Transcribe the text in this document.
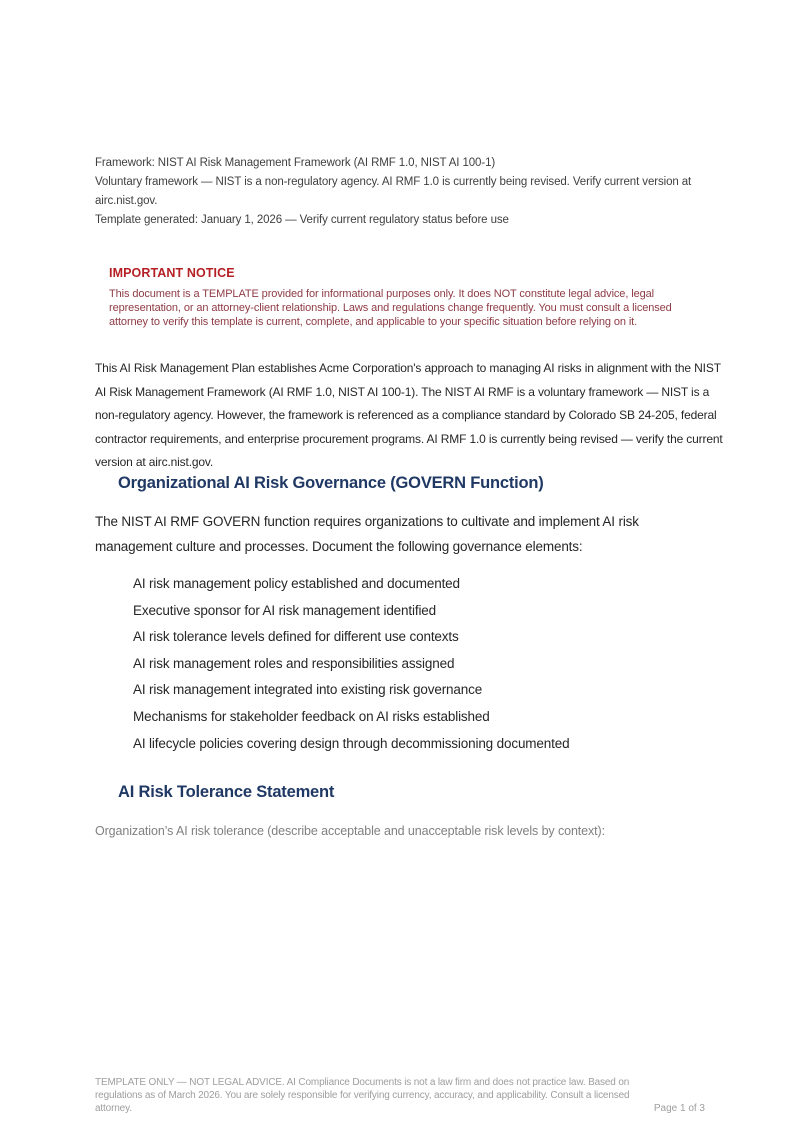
Framework: NIST AI Risk Management Framework (AI RMF 1.0, NIST AI 100-1)
Voluntary framework — NIST is a non-regulatory agency. AI RMF 1.0 is currently being revised. Verify current version at airc.nist.gov.
Template generated: January 1, 2026 — Verify current regulatory status before use
IMPORTANT NOTICE
This document is a TEMPLATE provided for informational purposes only. It does NOT constitute legal advice, legal representation, or an attorney-client relationship. Laws and regulations change frequently. You must consult a licensed attorney to verify this template is current, complete, and applicable to your specific situation before relying on it.

This AI Risk Management Plan establishes Acme Corporation's approach to managing AI risks in alignment with the NIST AI Risk Management Framework (AI RMF 1.0, NIST AI 100-1). The NIST AI RMF is a voluntary framework — NIST is a non-regulatory agency. However, the framework is referenced as a compliance standard by Colorado SB 24-205, federal contractor requirements, and enterprise procurement programs. AI RMF 1.0 is currently being revised — verify the current version at airc.nist.gov.

Organizational AI Risk Governance (GOVERN Function)

The NIST AI RMF GOVERN function requires organizations to cultivate and implement AI risk management culture and processes. Document the following governance elements:

AI risk management policy established and documented
Executive sponsor for AI risk management identified
AI risk tolerance levels defined for different use contexts
AI risk management roles and responsibilities assigned
AI risk management integrated into existing risk governance
Mechanisms for stakeholder feedback on AI risks established
AI lifecycle policies covering design through decommissioning documented
AI Risk Tolerance Statement

Organization’s AI risk tolerance (describe acceptable and unacceptable risk levels by context):

TEMPLATE ONLY — NOT LEGAL ADVICE. AI Compliance Documents is not a law firm and does not practice law. Based on regulations as of March 2026. You are solely responsible for verifying currency, accuracy, and applicability. Consult a licensed attorney.	Page 1 of 3
